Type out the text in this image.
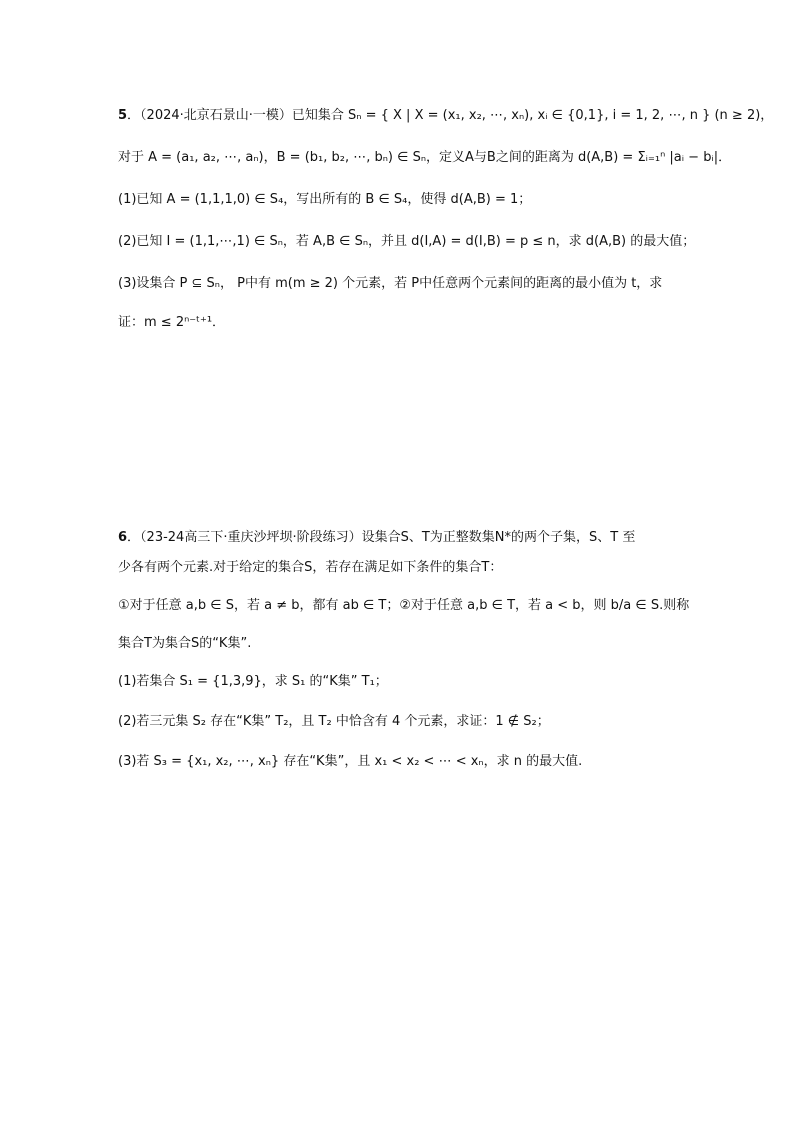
5．（2024·北京石景山·一模）已知集合 Sₙ = { X | X = (x₁, x₂, ⋯, xₙ), xᵢ ∈ {0,1}, i = 1, 2, ⋯, n } (n ≥ 2)，
对于 A = (a₁, a₂, ⋯, aₙ)，B = (b₁, b₂, ⋯, bₙ) ∈ Sₙ，定义A与B之间的距离为 d(A,B) = Σᵢ₌₁ⁿ |aᵢ − bᵢ|．
(1)已知 A = (1,1,1,0) ∈ S₄，写出所有的 B ∈ S₄，使得 d(A,B) = 1；
(2)已知 I = (1,1,⋯,1) ∈ Sₙ，若 A,B ∈ Sₙ，并且 d(I,A) = d(I,B) = p ≤ n，求 d(A,B) 的最大值；
(3)设集合 P ⊆ Sₙ， P中有 m(m ≥ 2) 个元素，若 P中任意两个元素间的距离的最小值为 t，求
证：m ≤ 2ⁿ⁻ᵗ⁺¹．
6．（23-24高三下·重庆沙坪坝·阶段练习）设集合S、T为正整数集N*的两个子集，S、T 至
少各有两个元素.对于给定的集合S，若存在满足如下条件的集合T：
①对于任意 a,b ∈ S，若 a ≠ b，都有 ab ∈ T；②对于任意 a,b ∈ T，若 a < b，则 b/a ∈ S.则称
集合T为集合S的“K集”.
(1)若集合 S₁ = {1,3,9}，求 S₁ 的“K集” T₁；
(2)若三元集 S₂ 存在“K集” T₂，且 T₂ 中恰含有 4 个元素，求证：1 ∉ S₂；
(3)若 S₃ = {x₁, x₂, ⋯, xₙ} 存在“K集”，且 x₁ < x₂ < ⋯ < xₙ，求 n 的最大值.
